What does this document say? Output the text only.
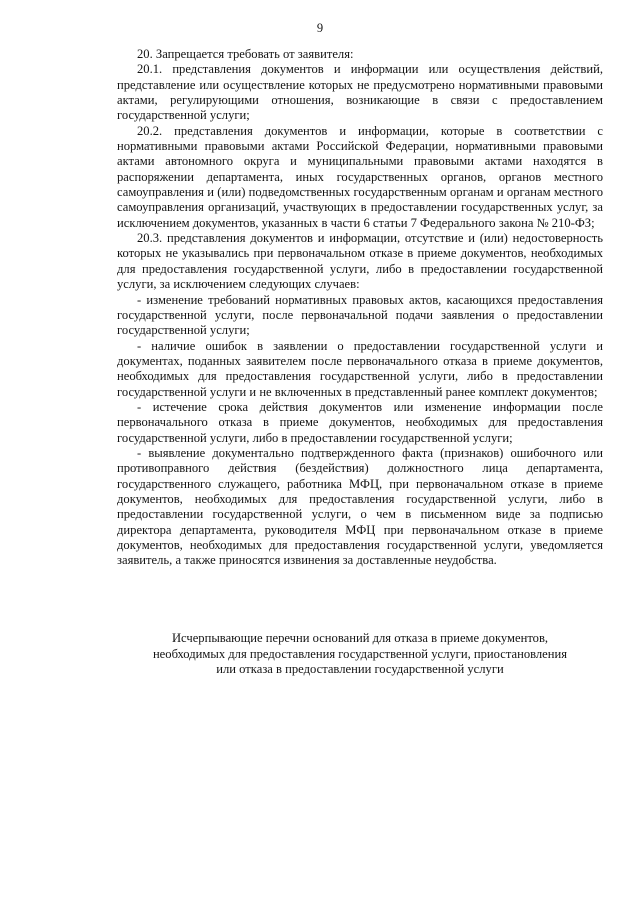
9

20. Запрещается требовать от заявителя:

20.1. представления документов и информации или осуществления действий, представление или осуществление которых не предусмотрено нормативными правовыми актами, регулирующими отношения, возникающие в связи с предоставлением государственной услуги;

20.2. представления документов и информации, которые в соответствии с нормативными правовыми актами Российской Федерации, нормативными правовыми актами автономного округа и муниципальными правовыми актами находятся в распоряжении департамента, иных государственных органов, органов местного самоуправления и (или) подведомственных государственным органам и органам местного самоуправления организаций, участвующих в предоставлении государственных услуг, за исключением документов, указанных в части 6 статьи 7 Федерального закона № 210-ФЗ;

20.3. представления документов и информации, отсутствие и (или) недостоверность которых не указывались при первоначальном отказе в приеме документов, необходимых для предоставления государственной услуги, либо в предоставлении государственной услуги, за исключением следующих случаев:

- изменение требований нормативных правовых актов, касающихся предоставления государственной услуги, после первоначальной подачи заявления о предоставлении государственной услуги;

- наличие ошибок в заявлении о предоставлении государственной услуги и документах, поданных заявителем после первоначального отказа в приеме документов, необходимых для предоставления государственной услуги, либо в предоставлении государственной услуги и не включенных в представленный ранее комплект документов;

- истечение срока действия документов или изменение информации после первоначального отказа в приеме документов, необходимых для предоставления государственной услуги, либо в предоставлении государственной услуги;

- выявление документально подтвержденного факта (признаков) ошибочного или противоправного действия (бездействия) должностного лица департамента, государственного служащего, работника МФЦ, при первоначальном отказе в приеме документов, необходимых для предоставления государственной услуги, либо в предоставлении государственной услуги, о чем в письменном виде за подписью директора департамента, руководителя МФЦ при первоначальном отказе в приеме документов, необходимых для предоставления государственной услуги, уведомляется заявитель, а также приносятся извинения за доставленные неудобства.

Исчерпывающие перечни оснований для отказа в приеме документов,

необходимых для предоставления государственной услуги, приостановления

или отказа в предоставлении государственной услуги
